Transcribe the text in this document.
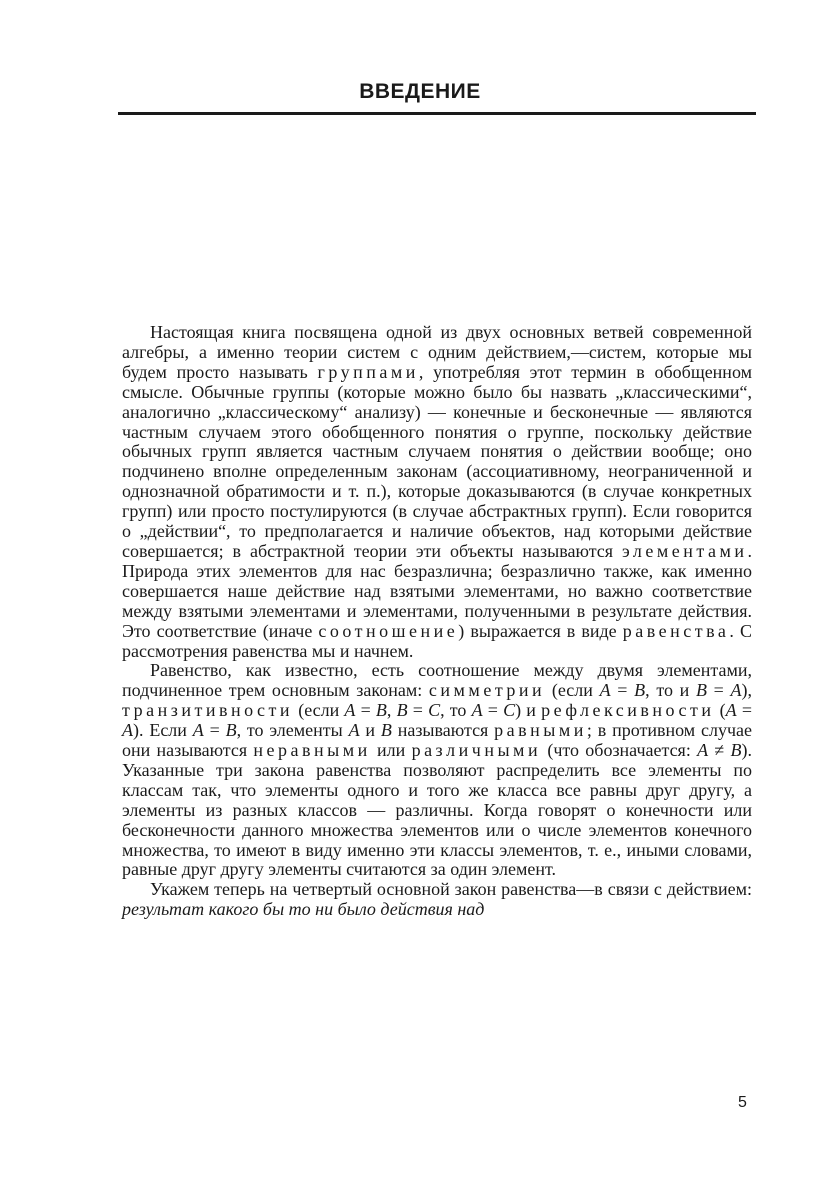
ВВЕДЕНИЕ

Настоящая книга посвящена одной из двух основных ветвей современной алгебры, а именно теории систем с одним действием,—систем, которые мы будем просто называть группами, употребляя этот термин в обобщенном смысле. Обычные группы (которые можно было бы назвать „классическими“, аналогично „классическому“ анализу) — конечные и бесконечные — являются частным случаем этого обобщенного понятия о группе, поскольку действие обычных групп является частным случаем понятия о действии вообще; оно подчинено вполне определенным законам (ассоциативному, неограниченной и однозначной обратимости и т. п.), которые доказываются (в случае конкретных групп) или просто постулируются (в случае абстрактных групп). Если говорится о „действии“, то предполагается и наличие объектов, над которыми действие совершается; в абстрактной теории эти объекты называются элементами. Природа этих элементов для нас безразлична; безразлично также, как именно совершается наше действие над взятыми элементами, но важно соответствие между взятыми элементами и элементами, полученными в результате действия. Это соответствие (иначе соотношение) выражается в виде равенства. С рассмотрения равенства мы и начнем.

Равенство, как известно, есть соотношение между двумя элементами, подчиненное трем основным законам: симметрии (если A = B, то и B = A), транзитивности (если A = B, B = C, то A = C) и рефлексивности (A = A). Если A = B, то элементы A и B называются равными; в противном случае они называются неравными или различными (что обозначается: A ≠ B). Указанные три закона равенства позволяют распределить все элементы по классам так, что элементы одного и того же класса все равны друг другу, а элементы из разных классов — различны. Когда говорят о конечности или бесконечности данного множества элементов или о числе элементов конечного множества, то имеют в виду именно эти классы элементов, т. е., иными словами, равные друг другу элементы считаются за один элемент.

Укажем теперь на четвертый основной закон равенства—в связи с действием: результат какого бы то ни было действия над

5
